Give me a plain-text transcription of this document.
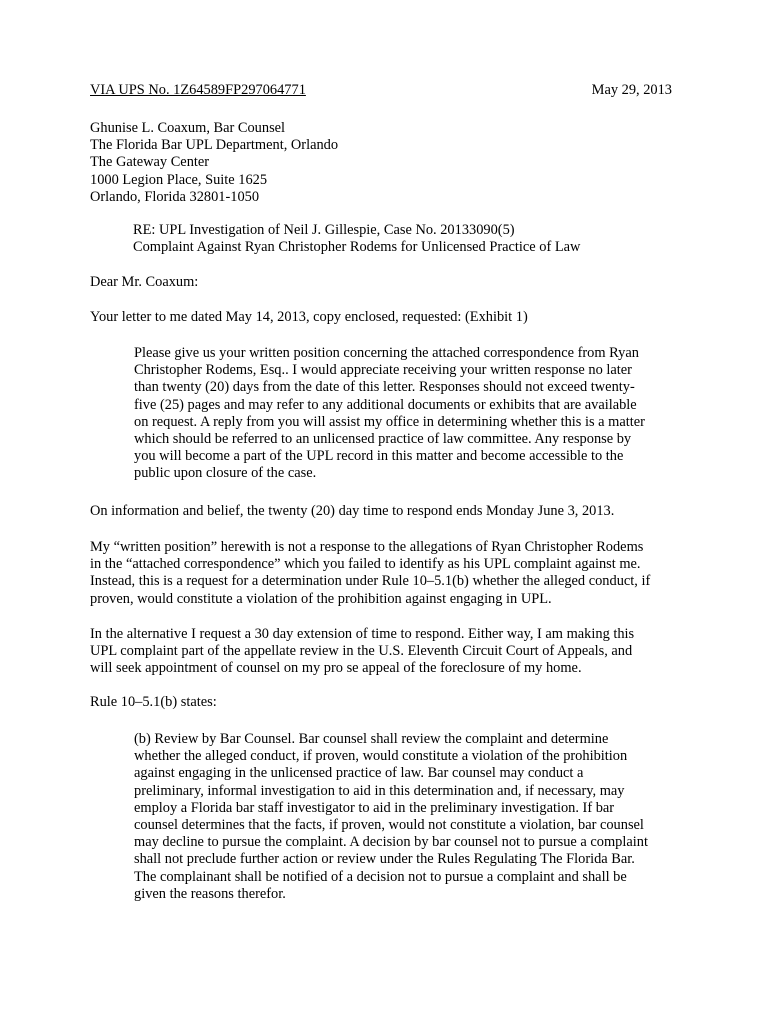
VIA UPS No. 1Z64589FP297064771	May 29, 2013
Ghunise L. Coaxum, Bar Counsel
The Florida Bar UPL Department, Orlando
The Gateway Center
1000 Legion Place, Suite 1625
Orlando, Florida 32801-1050
RE: UPL Investigation of Neil J. Gillespie, Case No. 20133090(5)
Complaint Against Ryan Christopher Rodems for Unlicensed Practice of Law
Dear Mr. Coaxum:
Your letter to me dated May 14, 2013, copy enclosed, requested: (Exhibit 1)
Please give us your written position concerning the attached correspondence from Ryan
Christopher Rodems, Esq.. I would appreciate receiving your written response no later
than twenty (20) days from the date of this letter. Responses should not exceed twenty-
five (25) pages and may refer to any additional documents or exhibits that are available
on request. A reply from you will assist my office in determining whether this is a matter
which should be referred to an unlicensed practice of law committee. Any response by
you will become a part of the UPL record in this matter and become accessible to the
public upon closure of the case.
On information and belief, the twenty (20) day time to respond ends Monday June 3, 2013.
My “written position” herewith is not a response to the allegations of Ryan Christopher Rodems
in the “attached correspondence” which you failed to identify as his UPL complaint against me.
Instead, this is a request for a determination under Rule 10–5.1(b) whether the alleged conduct, if
proven, would constitute a violation of the prohibition against engaging in UPL.
In the alternative I request a 30 day extension of time to respond. Either way, I am making this
UPL complaint part of the appellate review in the U.S. Eleventh Circuit Court of Appeals, and
will seek appointment of counsel on my pro se appeal of the foreclosure of my home.
Rule 10–5.1(b) states:
(b) Review by Bar Counsel. Bar counsel shall review the complaint and determine
whether the alleged conduct, if proven, would constitute a violation of the prohibition
against engaging in the unlicensed practice of law. Bar counsel may conduct a
preliminary, informal investigation to aid in this determination and, if necessary, may
employ a Florida bar staff investigator to aid in the preliminary investigation. If bar
counsel determines that the facts, if proven, would not constitute a violation, bar counsel
may decline to pursue the complaint. A decision by bar counsel not to pursue a complaint
shall not preclude further action or review under the Rules Regulating The Florida Bar.
The complainant shall be notified of a decision not to pursue a complaint and shall be
given the reasons therefor.
